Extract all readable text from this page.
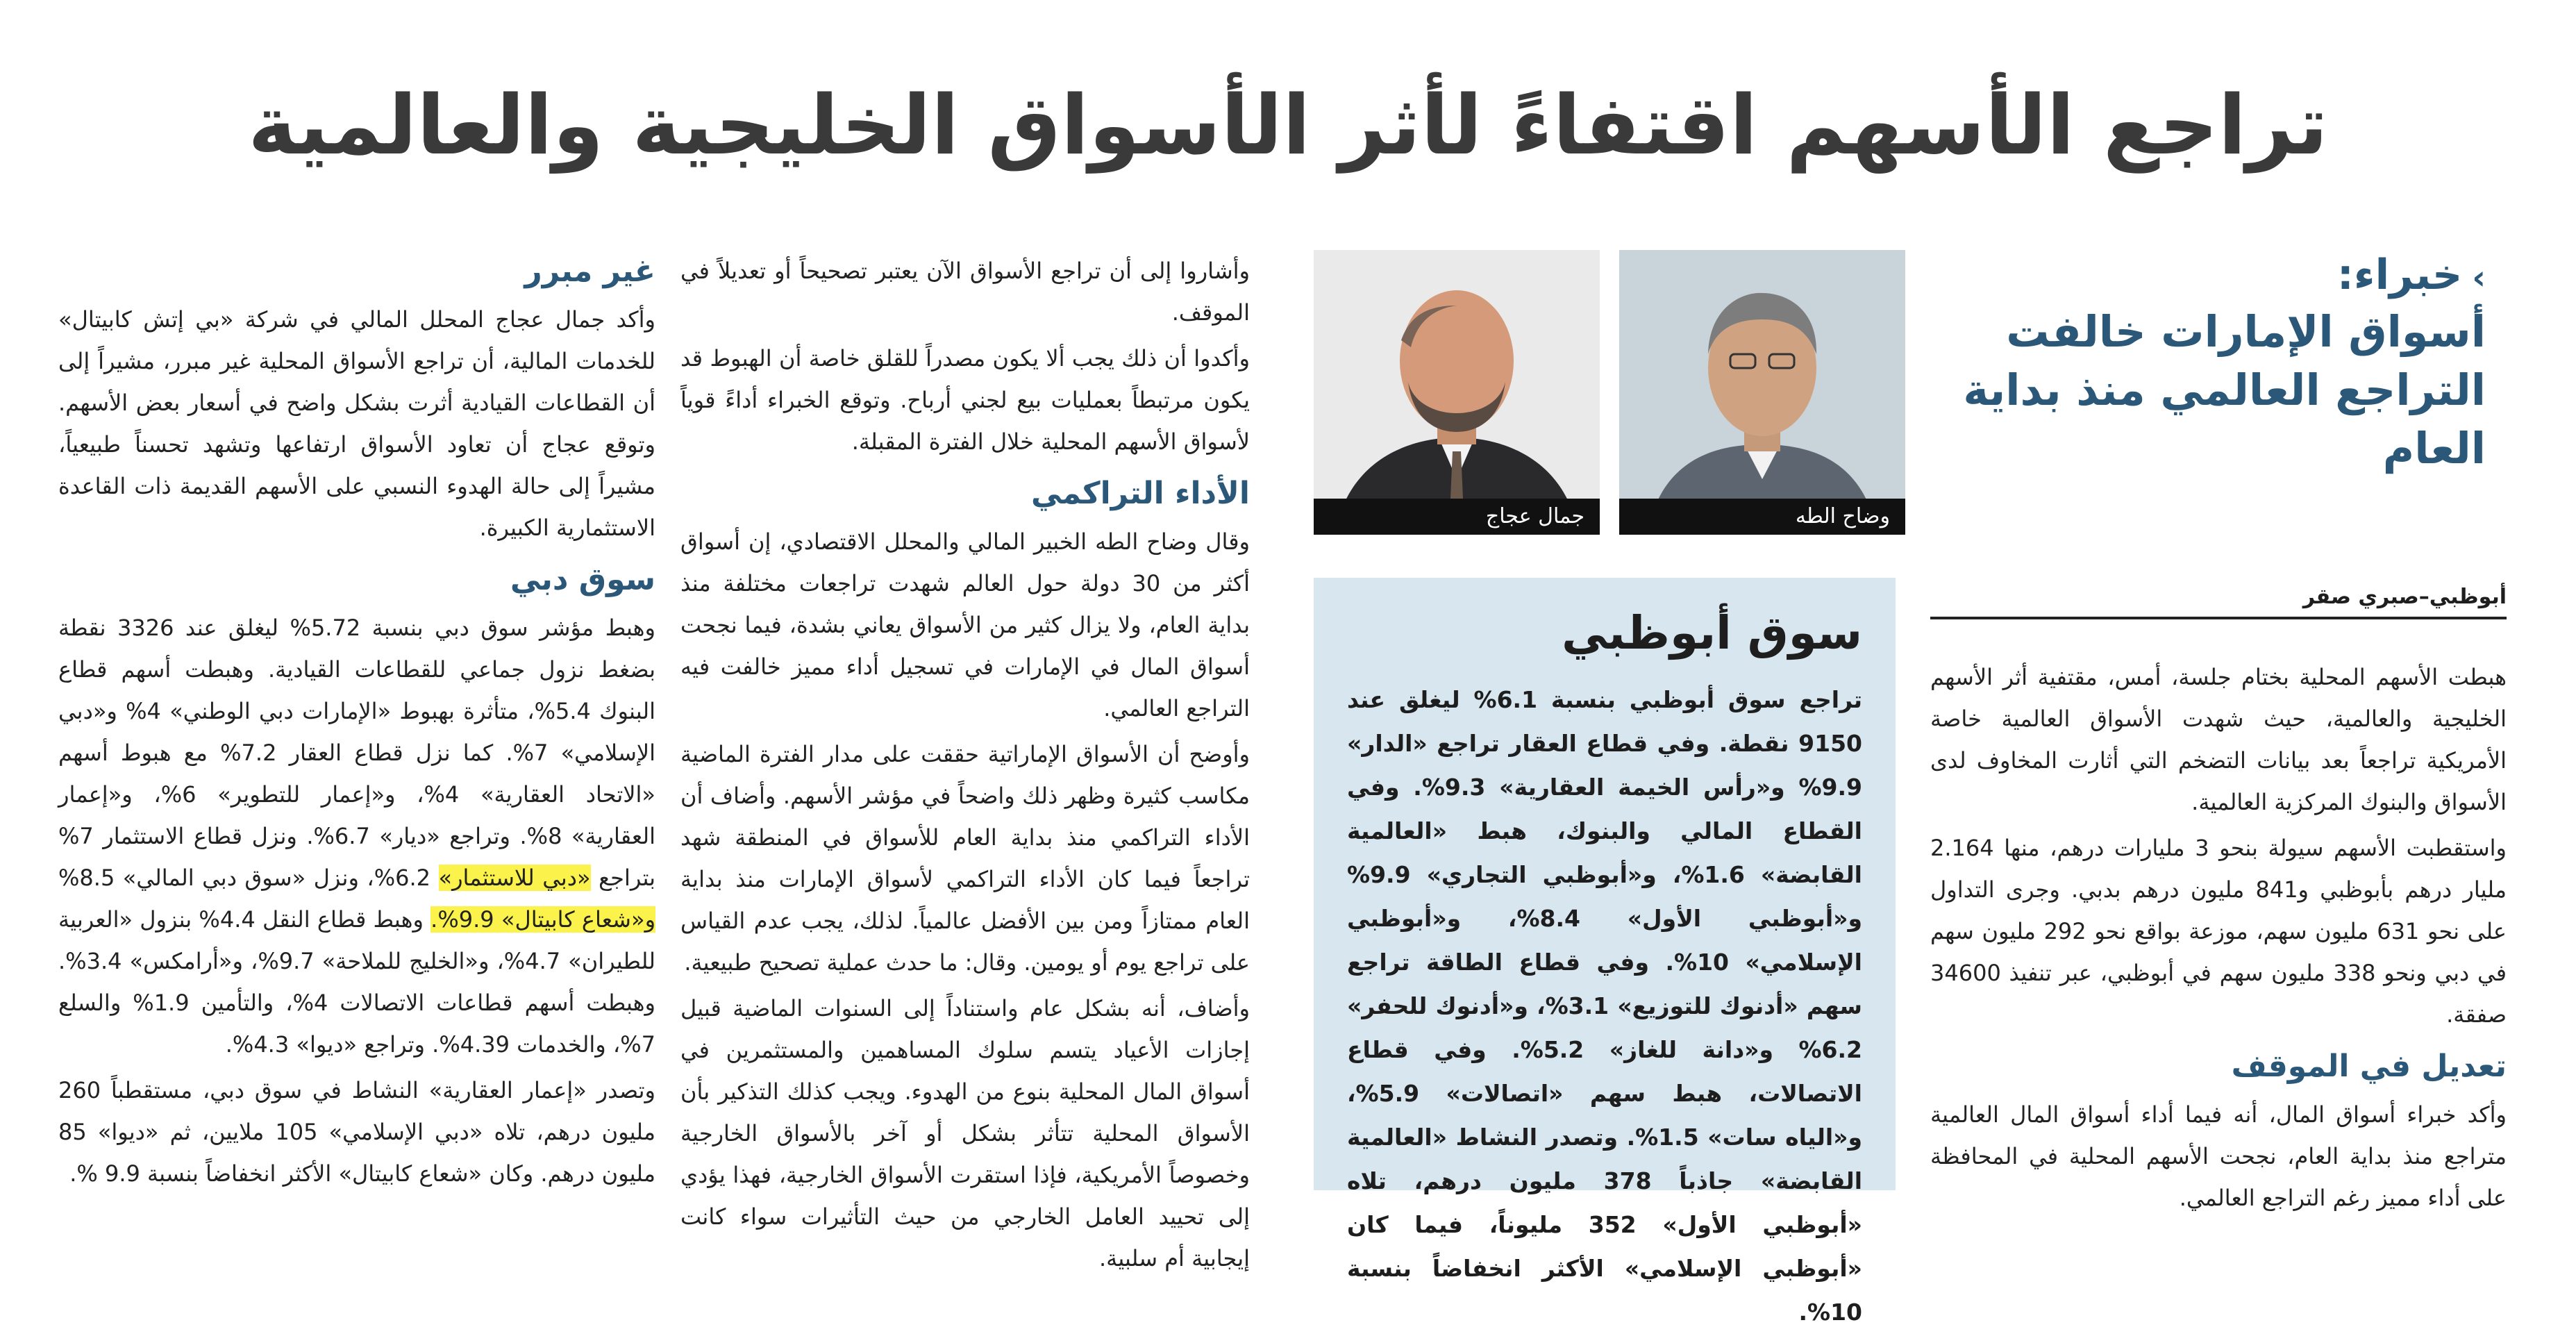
تراجع الأسهم اقتفاءً لأثر الأسواق الخليجية والعالمية
›خبراء:
أسواق الإمارات خالفت
التراجع العالمي منذ بداية
العام
أبوظبي–صبري صقر

هبطت الأسهم المحلية بختام جلسة، أمس، مقتفية أثر الأسهم الخليجية والعالمية، حيث شهدت الأسواق العالمية خاصة الأمريكية تراجعاً بعد بيانات التضخم التي أثارت المخاوف لدى الأسواق والبنوك المركزية العالمية.

واستقطبت الأسهم سيولة بنحو 3 مليارات درهم، منها 2.164 مليار درهم بأبوظبي و841 مليون درهم بدبي. وجرى التداول على نحو 631 مليون سهم، موزعة بواقع نحو 292 مليون سهم في دبي ونحو 338 مليون سهم في أبوظبي، عبر تنفيذ 34600 صفقة.

تعديل في الموقف

وأكد خبراء أسواق المال، أنه فيما أداء أسواق المال العالمية متراجع منذ بداية العام، نجحت الأسهم المحلية في المحافظة على أداء مميز رغم التراجع العالمي.

وضاح الطه
جمال عجاج
سوق أبوظبي
تراجع سوق أبوظبي بنسبة 6.1% ليغلق عند 9150 نقطة. وفي قطاع العقار تراجع «الدار» 9.9% و«رأس الخيمة العقارية» 9.3%. وفي القطاع المالي والبنوك، هبط «العالمية القابضة» 1.6%، و«أبوظبي التجاري» 9.9% و«أبوظبي الأول» 8.4%، و«أبوظبي الإسلامي» 10%. وفي قطاع الطاقة تراجع سهم «أدنوك للتوزيع» 3.1%، و«أدنوك للحفر» 6.2% و«دانة للغاز» 5.2%. وفي قطاع الاتصالات، هبط سهم «اتصالات» 5.9%، و«الياه سات» 1.5%. وتصدر النشاط «العالمية القابضة» جاذباً 378 مليون درهم، تلاه «أبوظبي الأول» 352 مليوناً، فيما كان «أبوظبي الإسلامي» الأكثر انخفاضاً بنسبة 10%.

وأشاروا إلى أن تراجع الأسواق الآن يعتبر تصحيحاً أو تعديلاً في الموقف.

وأكدوا أن ذلك يجب ألا يكون مصدراً للقلق خاصة أن الهبوط قد يكون مرتبطاً بعمليات بيع لجني أرباح. وتوقع الخبراء أداءً قوياً لأسواق الأسهم المحلية خلال الفترة المقبلة.

الأداء التراكمي

وقال وضاح الطه الخبير المالي والمحلل الاقتصادي، إن أسواق أكثر من 30 دولة حول العالم شهدت تراجعات مختلفة منذ بداية العام، ولا يزال كثير من الأسواق يعاني بشدة، فيما نجحت أسواق المال في الإمارات في تسجيل أداء مميز خالفت فيه التراجع العالمي.

وأوضح أن الأسواق الإماراتية حققت على مدار الفترة الماضية مكاسب كثيرة وظهر ذلك واضحاً في مؤشر الأسهم. وأضاف أن الأداء التراكمي منذ بداية العام للأسواق في المنطقة شهد تراجعاً فيما كان الأداء التراكمي لأسواق الإمارات منذ بداية العام ممتازاً ومن بين الأفضل عالمياً. لذلك، يجب عدم القياس على تراجع يوم أو يومين. وقال: ما حدث عملية تصحيح طبيعية.

وأضاف، أنه بشكل عام واستناداً إلى السنوات الماضية قبيل إجازات الأعياد يتسم سلوك المساهمين والمستثمرين في أسواق المال المحلية بنوع من الهدوء. ويجب كذلك التذكير بأن الأسواق المحلية تتأثر بشكل أو آخر بالأسواق الخارجية وخصوصاً الأمريكية، فإذا استقرت الأسواق الخارجية، فهذا يؤدي إلى تحييد العامل الخارجي من حيث التأثيرات سواء كانت إيجابية أم سلبية.

غير مبرر

وأكد جمال عجاج المحلل المالي في شركة «بي إتش كابيتال» للخدمات المالية، أن تراجع الأسواق المحلية غير مبرر، مشيراً إلى أن القطاعات القيادية أثرت بشكل واضح في أسعار بعض الأسهم. وتوقع عجاج أن تعاود الأسواق ارتفاعها وتشهد تحسناً طبيعياً، مشيراً إلى حالة الهدوء النسبي على الأسهم القديمة ذات القاعدة الاستثمارية الكبيرة.

سوق دبي

وهبط مؤشر سوق دبي بنسبة 5.72% ليغلق عند 3326 نقطة بضغط نزول جماعي للقطاعات القيادية. وهبطت أسهم قطاع البنوك 5.4%، متأثرة بهبوط «الإمارات دبي الوطني» 4% و«دبي الإسلامي» 7%. كما نزل قطاع العقار 7.2% مع هبوط أسهم «الاتحاد العقارية» 4%، و«إعمار للتطوير» 6%، و«إعمار العقارية» 8%. وتراجع «ديار» 6.7%. ونزل قطاع الاستثمار 7% بتراجع «دبي للاستثمار» 6.2%، ونزل «سوق دبي المالي» 8.5% و«شعاع كابيتال» 9.9%. وهبط قطاع النقل 4.4% بنزول «العربية للطيران» 4.7%، و«الخليج للملاحة» 9.7%، و«أرامكس» 3.4%. وهبطت أسهم قطاعات الاتصالات 4%، والتأمين 1.9% والسلع 7%، والخدمات 4.39%. وتراجع «ديوا» 4.3%.

وتصدر «إعمار العقارية» النشاط في سوق دبي، مستقطباً 260 مليون درهم، تلاه «دبي الإسلامي» 105 ملايين، ثم «ديوا» 85 مليون درهم. وكان «شعاع كابيتال» الأكثر انخفاضاً بنسبة 9.9 %.
